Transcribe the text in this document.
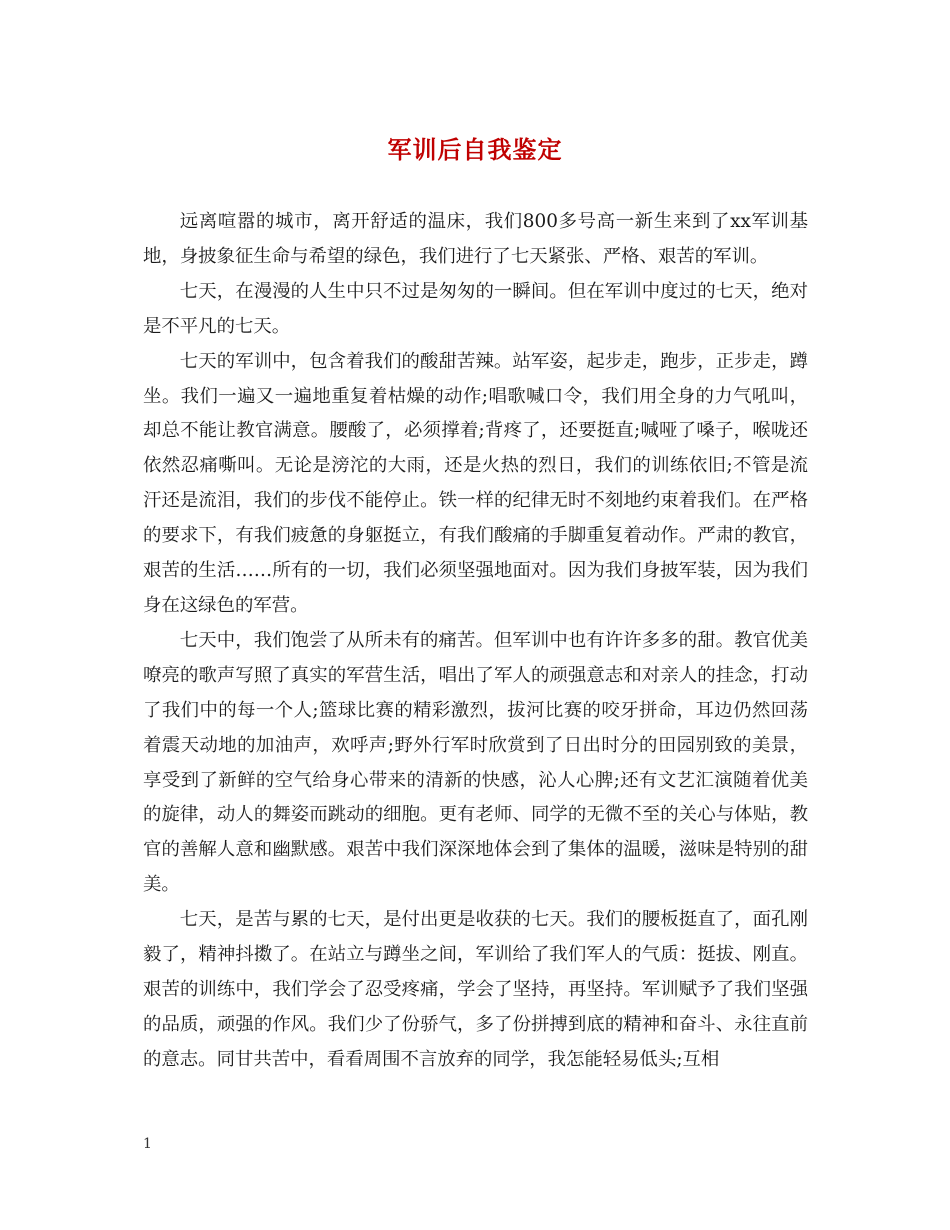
军训后自我鉴定

远离喧嚣的城市，离开舒适的温床，我们800多号高一新生来到了xx军训基地，身披象征生命与希望的绿色，我们进行了七天紧张、严格、艰苦的军训。

七天，在漫漫的人生中只不过是匆匆的一瞬间。但在军训中度过的七天，绝对是不平凡的七天。

七天的军训中，包含着我们的酸甜苦辣。站军姿，起步走，跑步，正步走，蹲坐。我们一遍又一遍地重复着枯燥的动作;唱歌喊口令，我们用全身的力气吼叫，却总不能让教官满意。腰酸了，必须撑着;背疼了，还要挺直;喊哑了嗓子，喉咙还依然忍痛嘶叫。无论是滂沱的大雨，还是火热的烈日，我们的训练依旧;不管是流汗还是流泪，我们的步伐不能停止。铁一样的纪律无时不刻地约束着我们。在严格的要求下，有我们疲惫的身躯挺立，有我们酸痛的手脚重复着动作。严肃的教官，艰苦的生活……所有的一切，我们必须坚强地面对。因为我们身披军装，因为我们身在这绿色的军营。

七天中，我们饱尝了从所未有的痛苦。但军训中也有许许多多的甜。教官优美嘹亮的歌声写照了真实的军营生活，唱出了军人的顽强意志和对亲人的挂念，打动了我们中的每一个人;篮球比赛的精彩激烈，拔河比赛的咬牙拼命，耳边仍然回荡着震天动地的加油声，欢呼声;野外行军时欣赏到了日出时分的田园别致的美景，享受到了新鲜的空气给身心带来的清新的快感，沁人心脾;还有文艺汇演随着优美的旋律，动人的舞姿而跳动的细胞。更有老师、同学的无微不至的关心与体贴，教官的善解人意和幽默感。艰苦中我们深深地体会到了集体的温暖，滋味是特别的甜美。

七天，是苦与累的七天，是付出更是收获的七天。我们的腰板挺直了，面孔刚毅了，精神抖擞了。在站立与蹲坐之间，军训给了我们军人的气质：挺拔、刚直。艰苦的训练中，我们学会了忍受疼痛，学会了坚持，再坚持。军训赋予了我们坚强的品质，顽强的作风。我们少了份骄气，多了份拼搏到底的精神和奋斗、永往直前的意志。同甘共苦中，看看周围不言放弃的同学，我怎能轻易低头;互相

1
